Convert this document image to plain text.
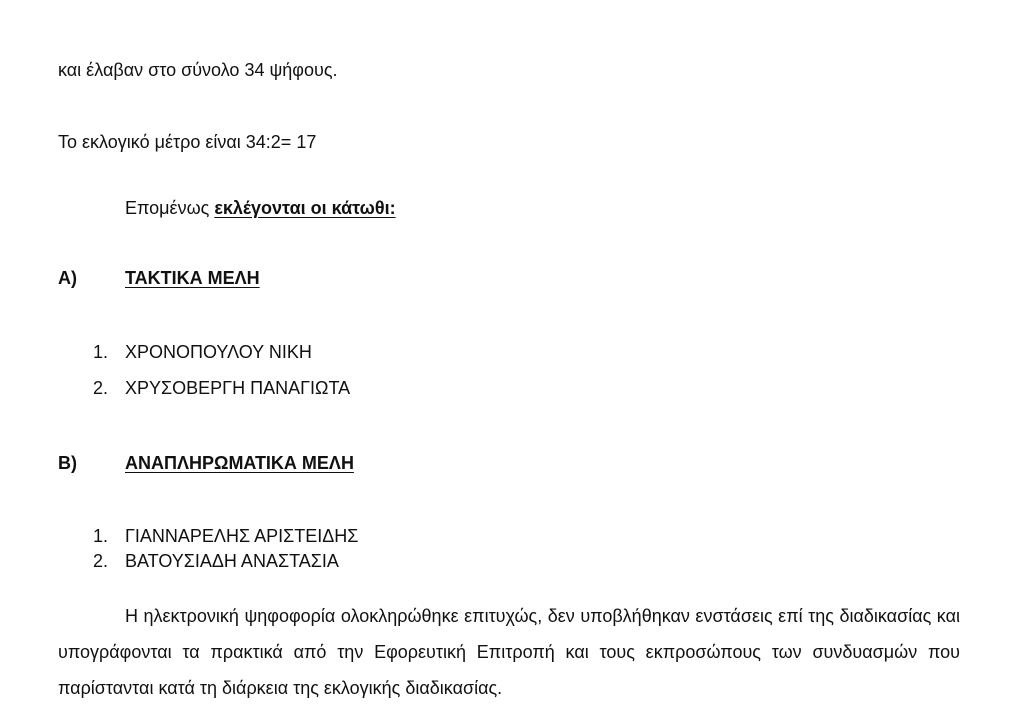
και έλαβαν στο σύνολο 34 ψήφους.

Το εκλογικό μέτρο είναι 34:2= 17

Επομένως εκλέγονται οι κάτωθι:

Α)	ΤΑΚΤΙΚΑ ΜΕΛΗ

1. ΧΡΟΝΟΠΟΥΛΟΥ ΝΙΚΗ
2. ΧΡΥΣΟΒΕΡΓΗ ΠΑΝΑΓΙΩΤΑ

Β)	ΑΝΑΠΛΗΡΩΜΑΤΙΚΑ ΜΕΛΗ

1. ΓΙΑΝΝΑΡΕΛΗΣ ΑΡΙΣΤΕΙΔΗΣ
2. ΒΑΤΟΥΣΙΑΔΗ ΑΝΑΣΤΑΣΙΑ

Η ηλεκτρονική ψηφοφορία ολοκληρώθηκε επιτυχώς, δεν υποβλήθηκαν ενστάσεις επί της διαδικασίας και υπογράφονται τα πρακτικά από την Εφορευτική Επιτροπή και τους εκπροσώπους των συνδυασμών που παρίστανται κατά τη διάρκεια της εκλογικής διαδικασίας.
